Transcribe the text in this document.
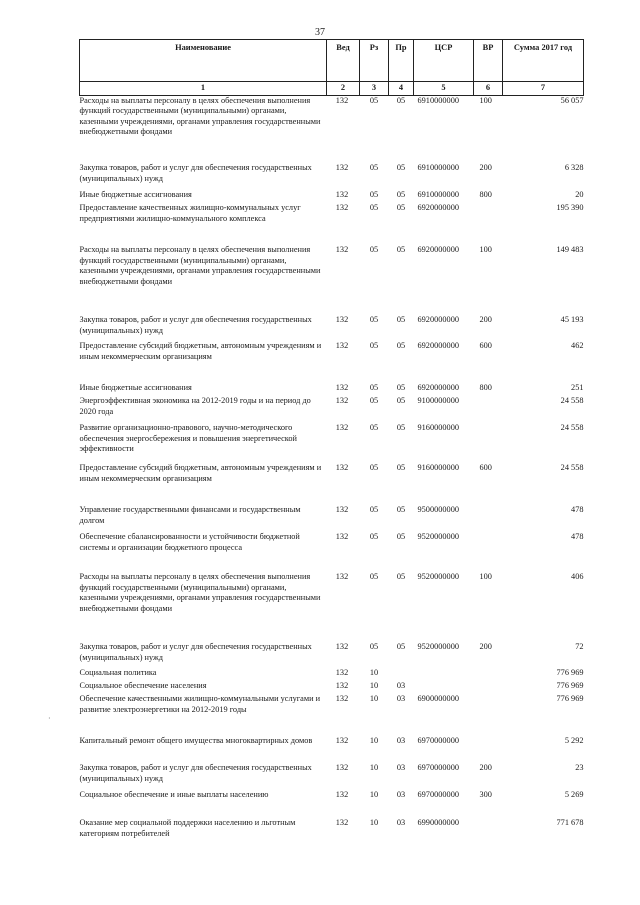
37
Наименование	Вед	Рз	Пр	ЦСР	ВР	Сумма 2017 год
1	2	3	4	5	6	7
Расходы на выплаты персоналу в целях обеспечения выполнения функций государственными (муниципальными) органами, казенными учреждениями, органами управления государственными внебюджетными фондами	132	05	05	6910000000	100	56 057
Закупка товаров, работ и услуг для обеспечения государственных (муниципальных) нужд	132	05	05	6910000000	200	6 328
Иные бюджетные ассигнования	132	05	05	6910000000	800	20
Предоставление качественных жилищно-коммунальных услуг предприятиями жилищно-коммунального комплекса	132	05	05	6920000000		195 390
Расходы на выплаты персоналу в целях обеспечения выполнения функций государственными (муниципальными) органами, казенными учреждениями, органами управления государственными внебюджетными фондами	132	05	05	6920000000	100	149 483
Закупка товаров, работ и услуг для обеспечения государственных (муниципальных) нужд	132	05	05	6920000000	200	45 193
Предоставление субсидий бюджетным, автономным учреждениям и иным некоммерческим организациям	132	05	05	6920000000	600	462
Иные бюджетные ассигнования	132	05	05	6920000000	800	251
Энергоэффективная экономика на 2012-2019 годы и на период до 2020 года	132	05	05	9100000000		24 558
Развитие организационно-правового, научно-методического обеспечения энергосбережения и повышения энергетической эффективности	132	05	05	9160000000		24 558
Предоставление субсидий бюджетным, автономным учреждениям и иным некоммерческим организациям	132	05	05	9160000000	600	24 558
Управление государственными финансами и государственным долгом	132	05	05	9500000000		478
Обеспечение сбалансированности и устойчивости бюджетной системы и организации бюджетного процесса	132	05	05	9520000000		478
Расходы на выплаты персоналу в целях обеспечения выполнения функций государственными (муниципальными) органами, казенными учреждениями, органами управления государственными внебюджетными фондами	132	05	05	9520000000	100	406
Закупка товаров, работ и услуг для обеспечения государственных (муниципальных) нужд	132	05	05	9520000000	200	72
Социальная политика	132	10				776 969
Социальное обеспечение населения	132	10	03			776 969
Обеспечение качественными жилищно-коммунальными услугами и развитие электроэнергетики на 2012-2019 годы	132	10	03	6900000000		776 969
Капитальный ремонт общего имущества многоквартирных домов	132	10	03	6970000000		5 292
Закупка товаров, работ и услуг для обеспечения государственных (муниципальных) нужд	132	10	03	6970000000	200	23
Социальное обеспечение и иные выплаты населению	132	10	03	6970000000	300	5 269
Оказание мер социальной поддержки населению и льготным категориям потребителей	132	10	03	6990000000		771 678
·
